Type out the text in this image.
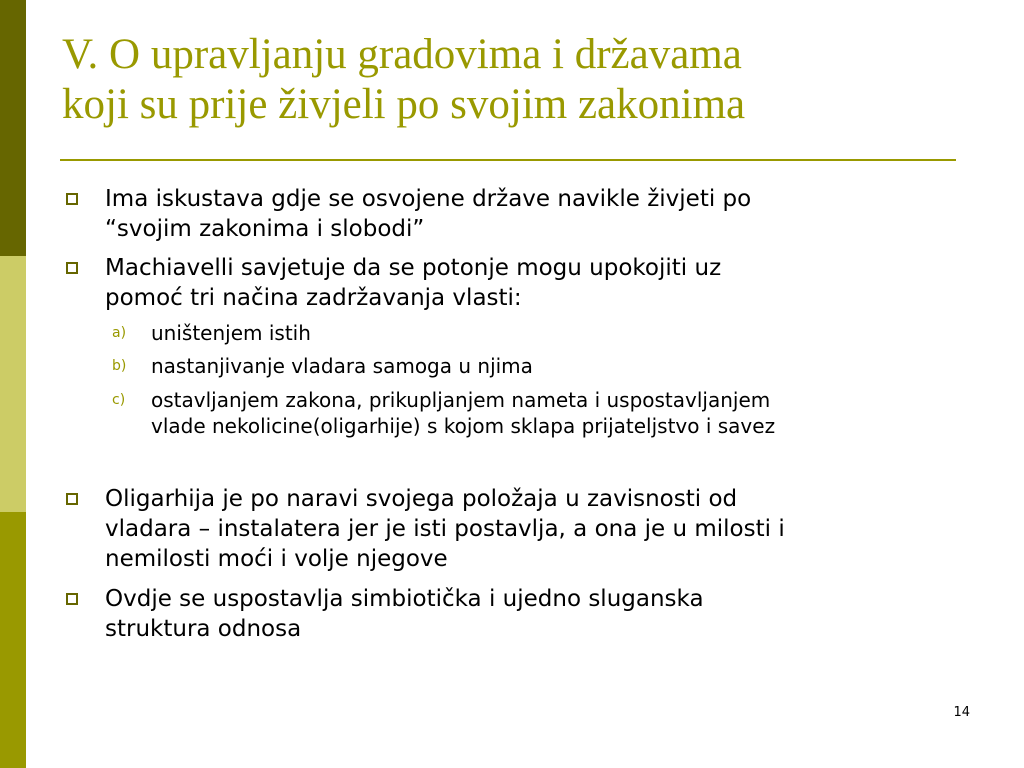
V. O upravljanju gradovima i državama
koji su prije živjeli po svojim zakonima
Ima iskustava gdje se osvojene države navikle živjeti po
“svojim zakonima i slobodi”
Machiavelli savjetuje da se potonje mogu upokojiti uz
pomoć tri načina zadržavanja vlasti:
a) uništenjem istih
b) nastanjivanje vladara samoga u njima
c) ostavljanjem zakona, prikupljanjem nameta i uspostavljanjem
vlade nekolicine(oligarhije) s kojom sklapa prijateljstvo i savez
Oligarhija je po naravi svojega položaja u zavisnosti od
vladara – instalatera jer je isti postavlja, a ona je u milosti i
nemilosti moći i volje njegove
Ovdje se uspostavlja simbiotička i ujedno sluganska
struktura odnosa
14
